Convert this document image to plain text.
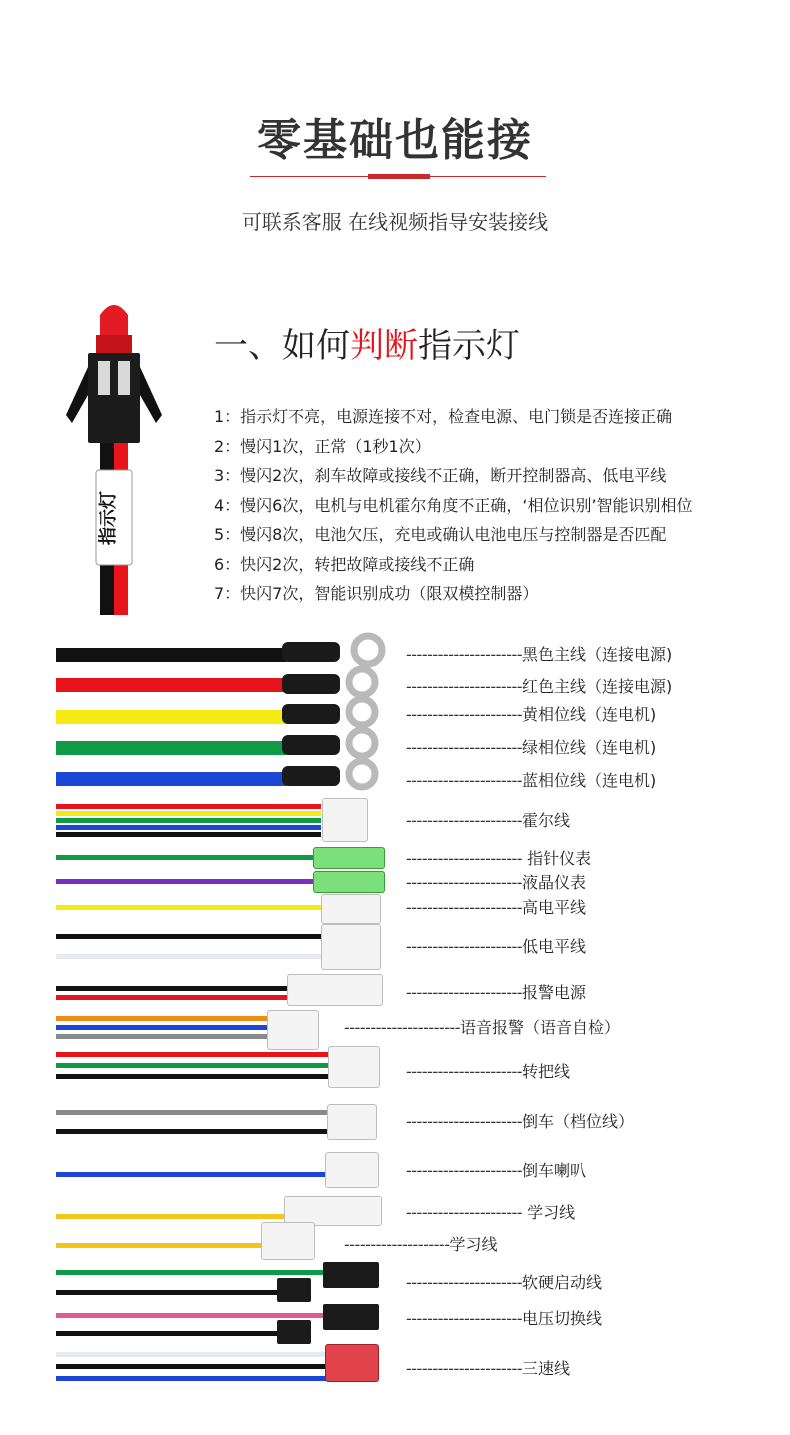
零基础也能接
可联系客服 在线视频指导安装接线
指示灯
一、如何判断指示灯
1：指示灯不亮，电源连接不对，检查电源、电门锁是否连接正确
2：慢闪1次，正常（1秒1次）
3：慢闪2次，刹车故障或接线不正确，断开控制器高、低电平线
4：慢闪6次，电机与电机霍尔角度不正确，‘相位识别’智能识别相位
5：慢闪8次，电池欠压，充电或确认电池电压与控制器是否匹配
6：快闪2次，转把故障或接线不正确
7：快闪7次，智能识别成功（限双模控制器）
----------------------黑色主线（连接电源)
----------------------红色主线（连接电源)
----------------------黄相位线（连电机)
----------------------绿相位线（连电机)
----------------------蓝相位线（连电机)
----------------------霍尔线
---------------------- 指针仪表
----------------------液晶仪表
----------------------高电平线
----------------------低电平线
----------------------报警电源
----------------------语音报警（语音自检）
----------------------转把线
----------------------倒车（档位线）
----------------------倒车喇叭
---------------------- 学习线
--------------------学习线
----------------------软硬启动线
----------------------电压切换线
----------------------三速线
